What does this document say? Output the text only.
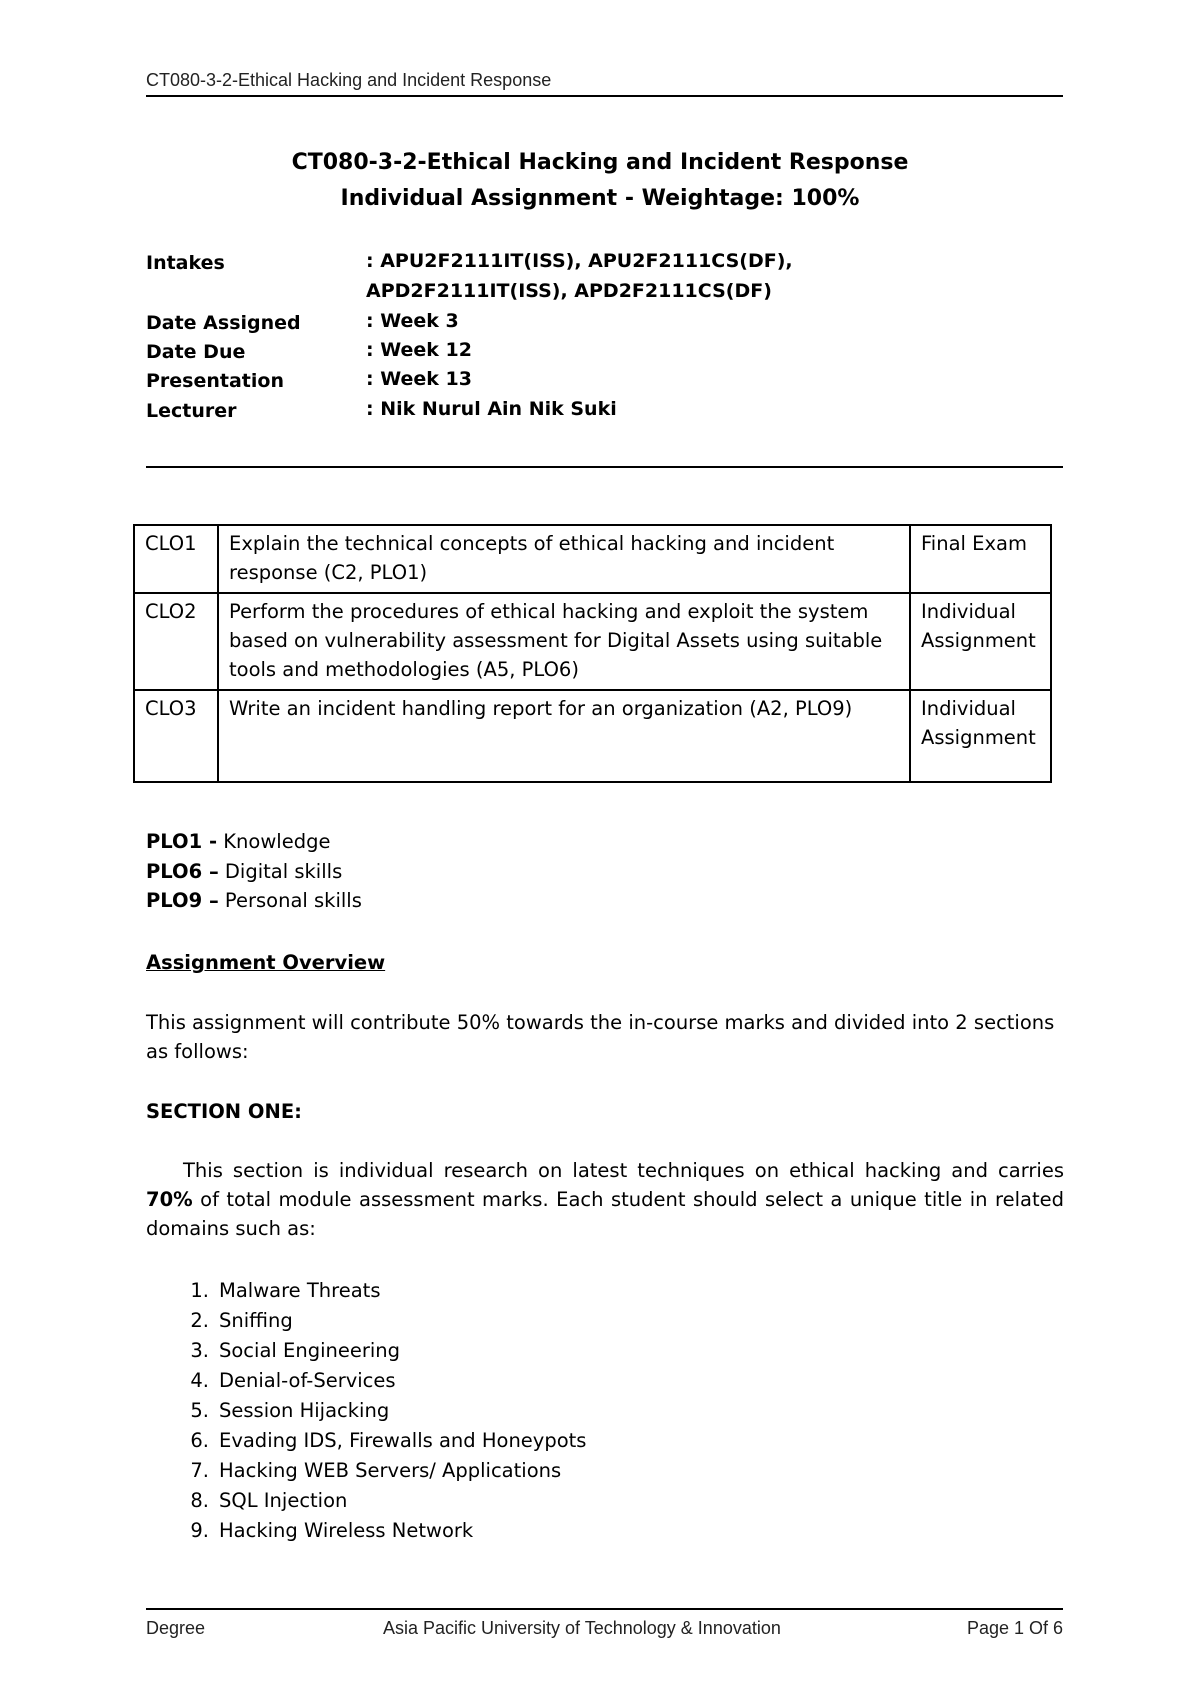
CT080-3-2-Ethical Hacking and Incident Response
CT080-3-2-Ethical Hacking and Incident Response
Individual Assignment - Weightage: 100%
Intakes	: APU2F2111IT(ISS), APU2F2111CS(DF), APD2F2111IT(ISS), APD2F2111CS(DF)
Date Assigned	: Week 3
Date Due	: Week 12
Presentation	: Week 13
Lecturer	: Nik Nurul Ain Nik Suki
CLO1	Explain the technical concepts of ethical hacking and incident response (C2, PLO1)	Final Exam
CLO2	Perform the procedures of ethical hacking and exploit the system based on vulnerability assessment for Digital Assets using suitable tools and methodologies (A5, PLO6)	Individual Assignment
CLO3	Write an incident handling report for an organization (A2, PLO9)	Individual Assignment
PLO1 - Knowledge
PLO6 – Digital skills
PLO9 – Personal skills
Assignment Overview
This assignment will contribute 50% towards the in-course marks and divided into 2 sections as follows:
SECTION ONE:
This section is individual research on latest techniques on ethical hacking and carries 70% of total module assessment marks. Each student should select a unique title in related domains such as:
1. Malware Threats
2. Sniffing
3. Social Engineering
4. Denial-of-Services
5. Session Hijacking
6. Evading IDS, Firewalls and Honeypots
7. Hacking WEB Servers/ Applications
8. SQL Injection
9. Hacking Wireless Network
Degree	Asia Pacific University of Technology & Innovation	Page 1 Of 6
